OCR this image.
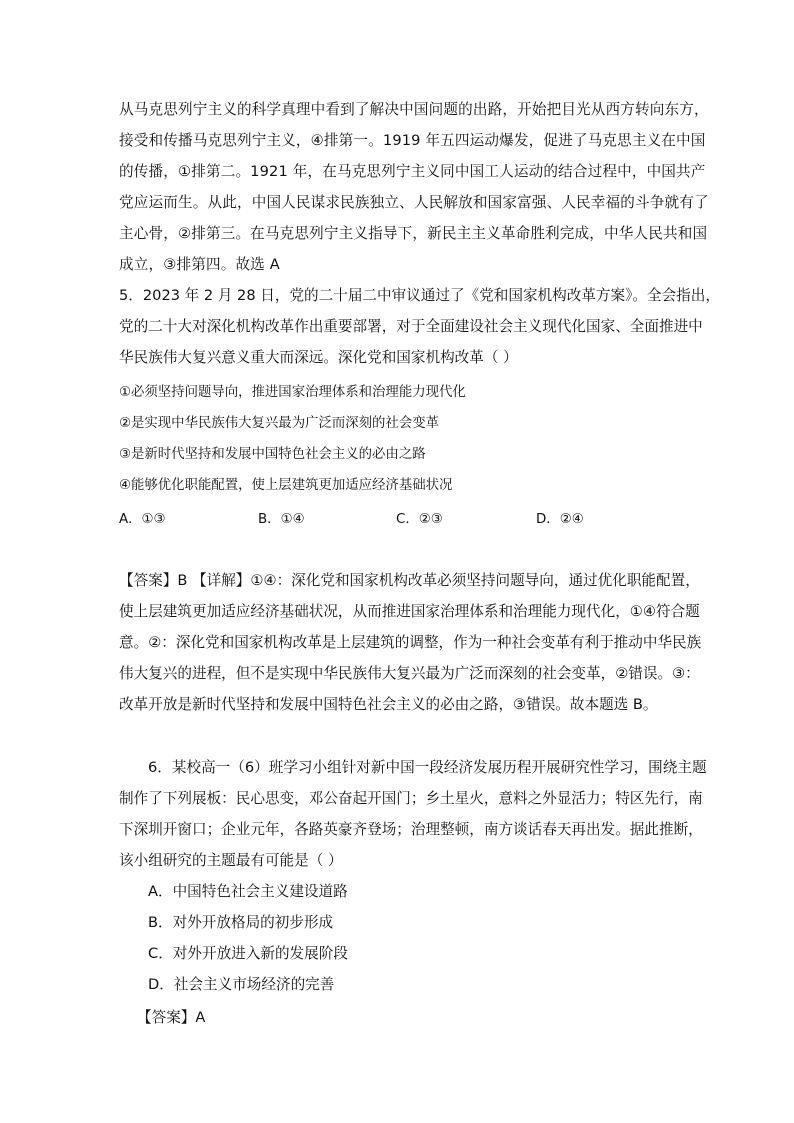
从马克思列宁主义的科学真理中看到了解决中国问题的出路，开始把目光从西方转向东方，
接受和传播马克思列宁主义，④排第一。1919 年五四运动爆发，促进了马克思主义在中国
的传播，①排第二。1921 年，在马克思列宁主义同中国工人运动的结合过程中，中国共产
党应运而生。从此，中国人民谋求民族独立、人民解放和国家富强、人民幸福的斗争就有了
主心骨，②排第三。在马克思列宁主义指导下，新民主主义革命胜利完成，中华人民共和国
成立，③排第四。故选 A
5．2023 年 2 月 28 日，党的二十届二中审议通过了《党和国家机构改革方案》。全会指出，
党的二十大对深化机构改革作出重要部署，对于全面建设社会主义现代化国家、全面推进中
华民族伟大复兴意义重大而深远。深化党和国家机构改革（ ）
①必须坚持问题导向，推进国家治理体系和治理能力现代化
②是实现中华民族伟大复兴最为广泛而深刻的社会变革
③是新时代坚持和发展中国特色社会主义的必由之路
④能够优化职能配置，使上层建筑更加适应经济基础状况
A．①③	B．①④	C．②③	D．②④
【答案】B 【详解】①④：深化党和国家机构改革必须坚持问题导向，通过优化职能配置，
使上层建筑更加适应经济基础状况，从而推进国家治理体系和治理能力现代化，①④符合题
意。②：深化党和国家机构改革是上层建筑的调整，作为一种社会变革有利于推动中华民族
伟大复兴的进程，但不是实现中华民族伟大复兴最为广泛而深刻的社会变革，②错误。③：
改革开放是新时代坚持和发展中国特色社会主义的必由之路，③错误。故本题选 B。
6．某校高一（6）班学习小组针对新中国一段经济发展历程开展研究性学习，围绕主题
制作了下列展板：民心思变，邓公奋起开国门；乡土星火，意料之外显活力；特区先行，南
下深圳开窗口；企业元年，各路英豪齐登场；治理整顿，南方谈话春天再出发。据此推断，
该小组研究的主题最有可能是（ ）
A．中国特色社会主义建设道路
B．对外开放格局的初步形成
C．对外开放进入新的发展阶段
D．社会主义市场经济的完善
【答案】A
